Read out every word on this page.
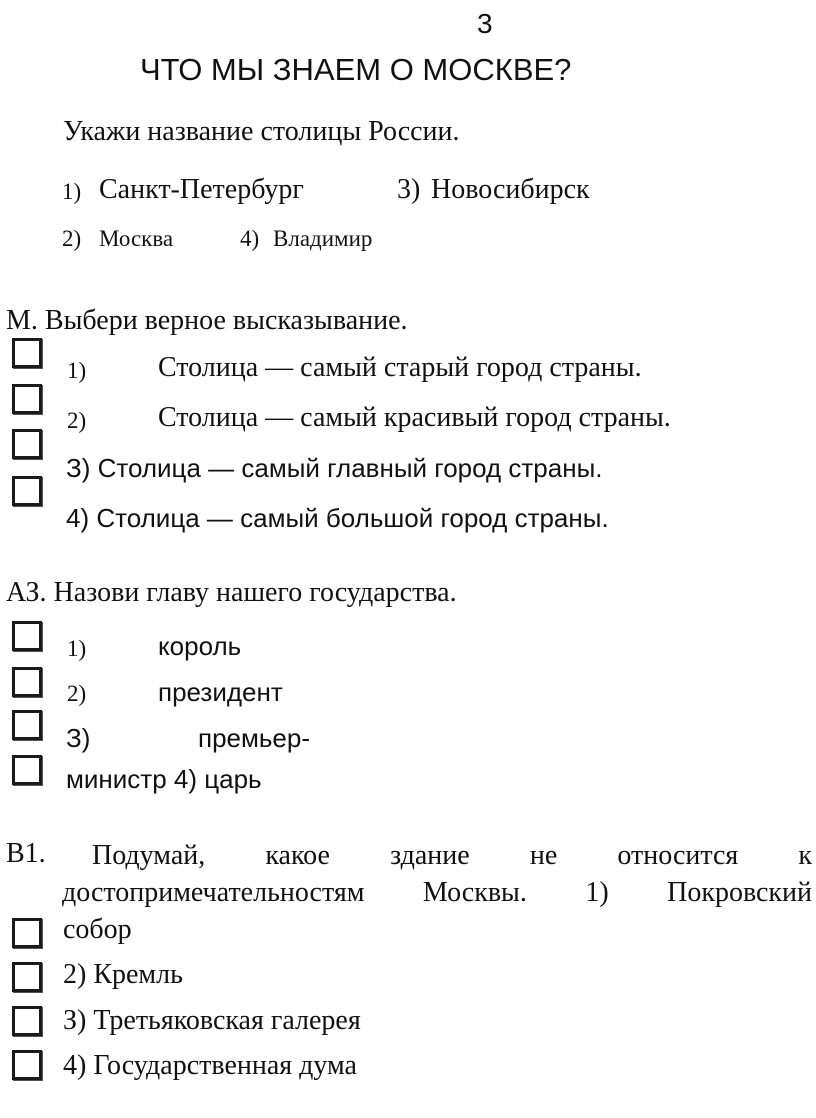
3
ЧТО МЫ ЗНАЕМ О МОСКВЕ?
Укажи название столицы России.
1) Санкт-Петербург	3) Новосибирск
2) Москва	4) Владимир
М. Выбери верное высказывание.
1)	Столица — самый старый город страны.
2)	Столица — самый красивый город страны.
З) Столица — самый главный город страны.
4) Столица — самый большой город страны.
АЗ. Назови главу нашего государства.
1)	король
2)	президент
З)	премьер-
министр 4) царь
В1. Подумай, какое здание не относится к
достопримечательностям Москвы. 1) Покровский
собор
2) Кремль
З) Третьяковская галерея
4) Государственная дума
